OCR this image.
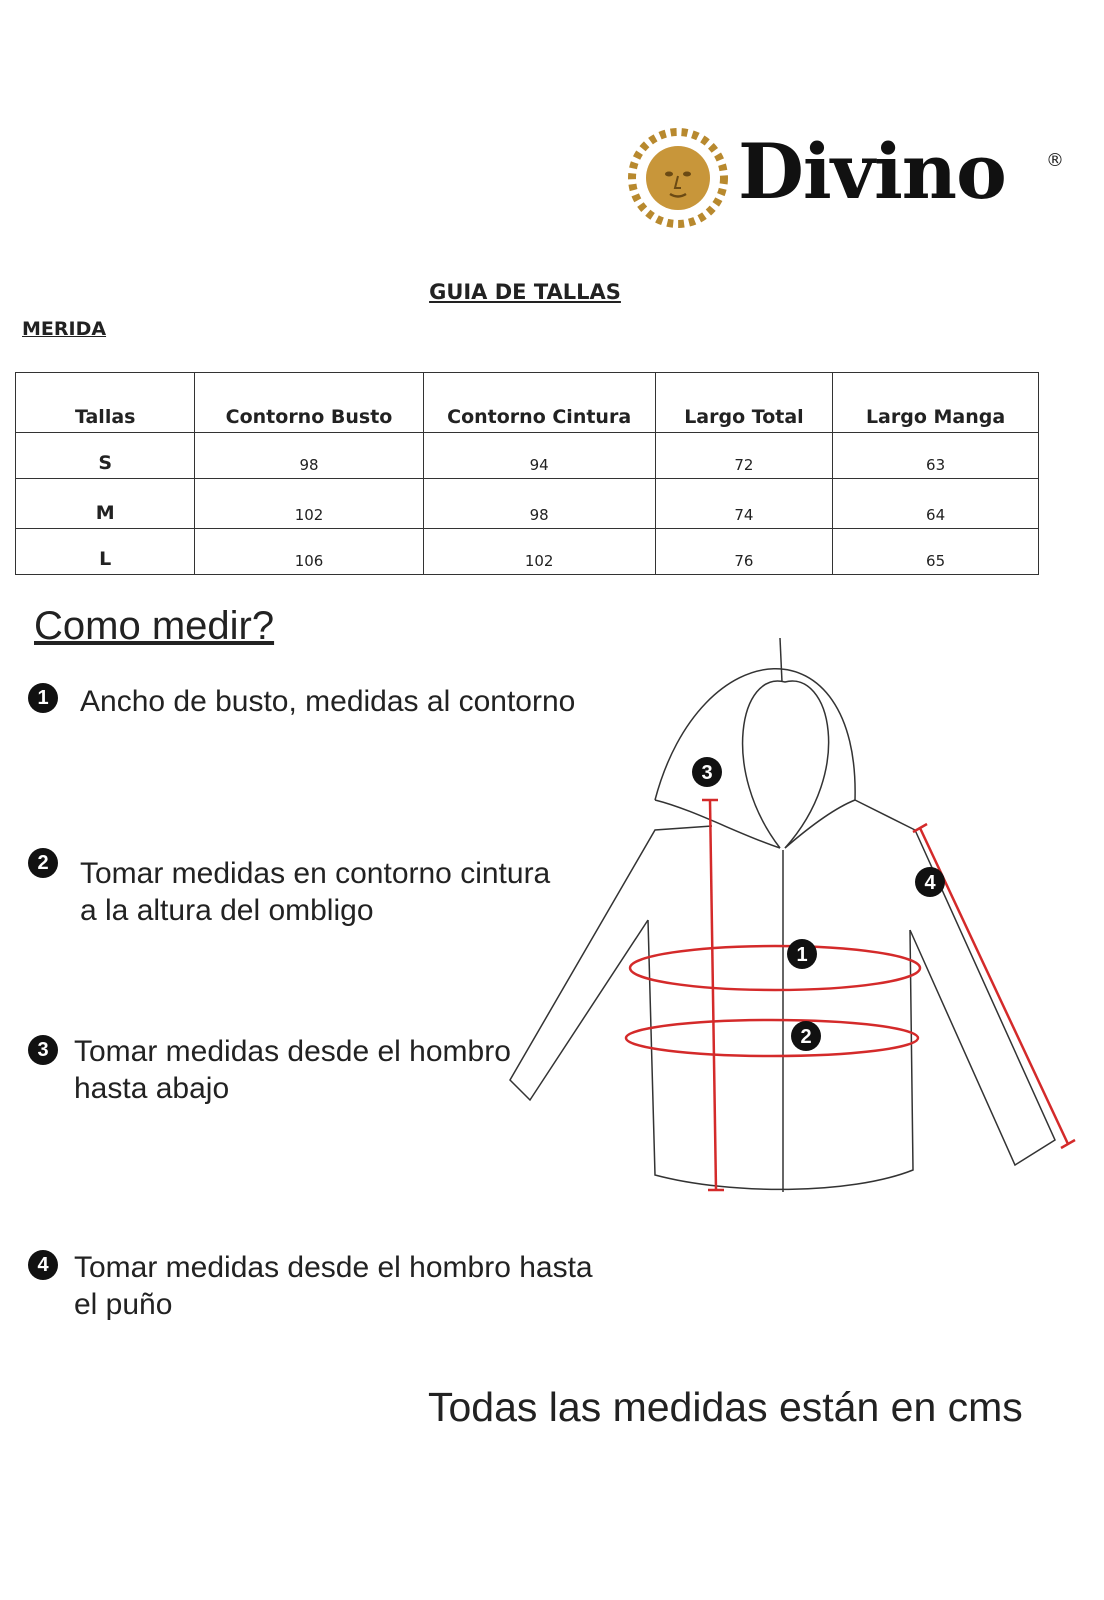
Divino ®
GUIA DE TALLAS
MERIDA
Tallas	Contorno Busto	Contorno Cintura	Largo Total	Largo Manga
S	98	94	72	63
M	102	98	74	64
L	106	102	76	65
Como medir?
1	Ancho de busto, medidas al contorno
2	Tomar medidas en contorno cintura
a la altura del ombligo
3 Tomar medidas desde el hombro
hasta abajo
4 Tomar medidas desde el hombro hasta
el puño
1
2
3
4
Todas las medidas están en cms
